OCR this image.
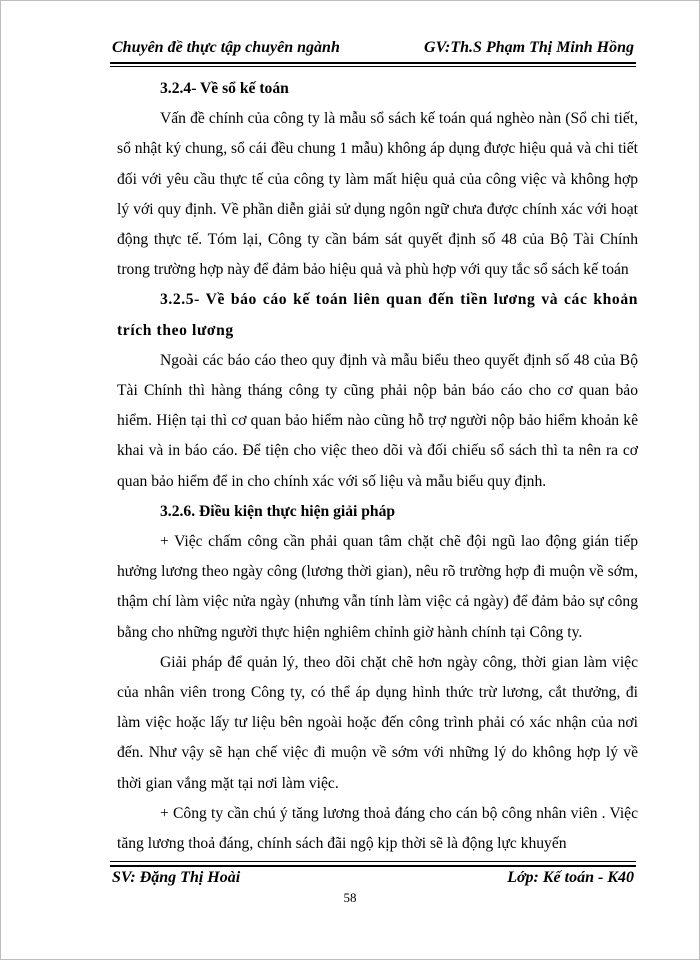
Chuyên đề thực tập chuyên ngành	GV:Th.S Phạm Thị Minh Hồng

3.2.4- Về sổ kế toán

Vấn đề chính của công ty là mẫu sổ sách kế toán quá nghèo nàn (Sổ chi tiết, sổ nhật ký chung, sổ cái đều chung 1 mẫu) không áp dụng được hiệu quả và chi tiết đối với yêu cầu thực tế của công ty làm mất hiệu quả của công việc và không hợp lý với quy định. Về phần diễn giải sử dụng ngôn ngữ chưa được chính xác với hoạt động thực tế. Tóm lại, Công ty cần bám sát quyết định số 48 của Bộ Tài Chính trong trường hợp này để đảm bảo hiệu quả và phù hợp với quy tắc sổ sách kế toán

3.2.5- Về báo cáo kế toán liên quan đến tiền lương và các khoản trích theo lương

Ngoài các báo cáo theo quy định và mẫu biểu theo quyết định số 48 của Bộ Tài Chính thì hàng tháng công ty cũng phải nộp bản báo cáo cho cơ quan bảo hiểm. Hiện tại thì cơ quan bảo hiểm nào cũng hỗ trợ người nộp bảo hiểm khoản kê khai và in báo cáo. Để tiện cho việc theo dõi và đối chiếu sổ sách thì ta nên ra cơ quan bảo hiểm để in cho chính xác với số liệu và mẫu biểu quy định.

3.2.6. Điều kiện thực hiện giải pháp

+ Việc chấm công cần phải quan tâm chặt chẽ đội ngũ lao động gián tiếp hưởng lương theo ngày công (lương thời gian), nêu rõ trường hợp đi muộn về sớm, thậm chí làm việc nửa ngày (nhưng vẫn tính làm việc cả ngày) để đảm bảo sự công bằng cho những người thực hiện nghiêm chỉnh giờ hành chính tại Công ty.

Giải pháp để quản lý, theo dõi chặt chẽ hơn ngày công, thời gian làm việc của nhân viên trong Công ty, có thể áp dụng hình thức trừ lương, cắt thưởng, đi làm việc hoặc lấy tư liệu bên ngoài hoặc đến công trình phải có xác nhận của nơi đến. Như vậy sẽ hạn chế việc đi muộn về sớm với những lý do không hợp lý về thời gian vắng mặt tại nơi làm việc.

+ Công ty cần chú ý tăng lương thoả đáng cho cán bộ công nhân viên . Việc tăng lương thoả đáng, chính sách đãi ngộ kịp thời sẽ là động lực khuyến

SV: Đặng Thị Hoài	Lớp: Kế toán - K40
58
